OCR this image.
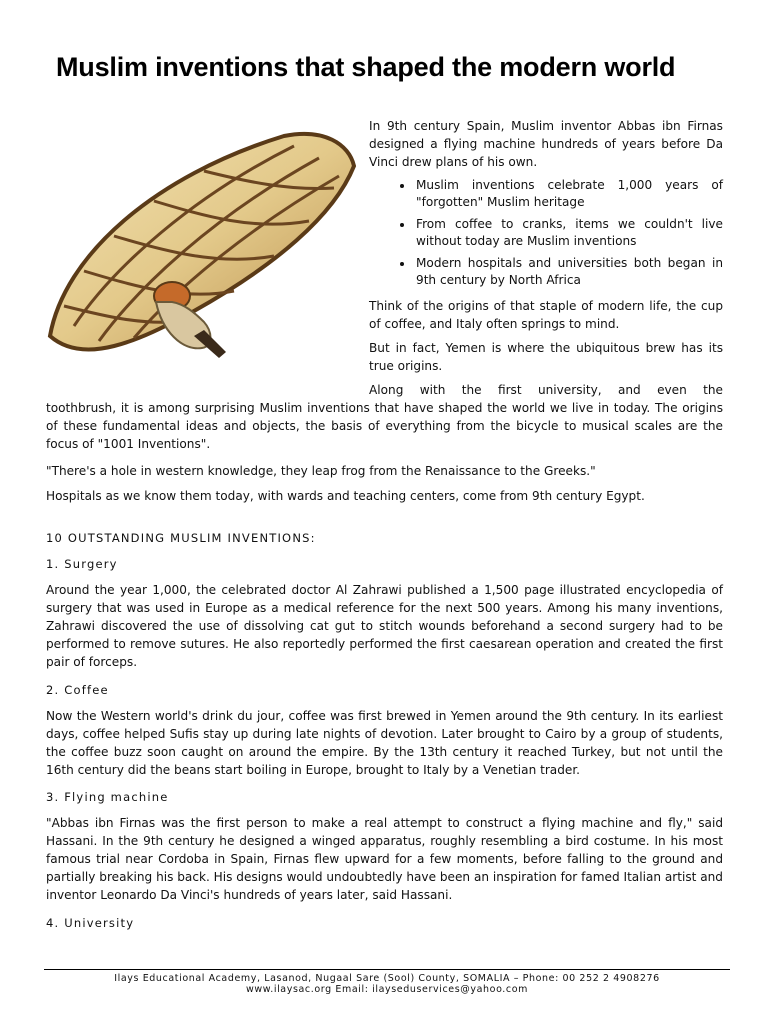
Muslim inventions that shaped the modern world

In 9th century Spain, Muslim inventor Abbas ibn Firnas designed a flying machine hundreds of years before Da Vinci drew plans of his own.

• Muslim inventions celebrate 1,000 years of "forgotten" Muslim heritage
• From coffee to cranks, items we couldn't live without today are Muslim inventions
• Modern hospitals and universities both began in 9th century by North Africa

Think of the origins of that staple of modern life, the cup of coffee, and Italy often springs to mind.

But in fact, Yemen is where the ubiquitous brew has its true origins.

Along with the first university, and even the

toothbrush, it is among surprising Muslim inventions that have shaped the world we live in today. The origins of these fundamental ideas and objects, the basis of everything from the bicycle to musical scales are the focus of "1001 Inventions".

"There's a hole in western knowledge, they leap frog from the Renaissance to the Greeks."

Hospitals as we know them today, with wards and teaching centers, come from 9th century Egypt.

10 OUTSTANDING MUSLIM INVENTIONS:

1. Surgery

Around the year 1,000, the celebrated doctor Al Zahrawi published a 1,500 page illustrated encyclopedia of surgery that was used in Europe as a medical reference for the next 500 years. Among his many inventions, Zahrawi discovered the use of dissolving cat gut to stitch wounds beforehand a second surgery had to be performed to remove sutures. He also reportedly performed the first caesarean operation and created the first pair of forceps.

2. Coffee

Now the Western world's drink du jour, coffee was first brewed in Yemen around the 9th century. In its earliest days, coffee helped Sufis stay up during late nights of devotion. Later brought to Cairo by a group of students, the coffee buzz soon caught on around the empire. By the 13th century it reached Turkey, but not until the 16th century did the beans start boiling in Europe, brought to Italy by a Venetian trader.

3. Flying machine

"Abbas ibn Firnas was the first person to make a real attempt to construct a flying machine and fly," said Hassani. In the 9th century he designed a winged apparatus, roughly resembling a bird costume. In his most famous trial near Cordoba in Spain, Firnas flew upward for a few moments, before falling to the ground and partially breaking his back. His designs would undoubtedly have been an inspiration for famed Italian artist and inventor Leonardo Da Vinci's hundreds of years later, said Hassani.

4. University

Ilays Educational Academy, Lasanod, Nugaal Sare (Sool) County, SOMALIA – Phone: 00 252 2 4908276
www.ilaysac.org Email: ilayseduservices@yahoo.com
